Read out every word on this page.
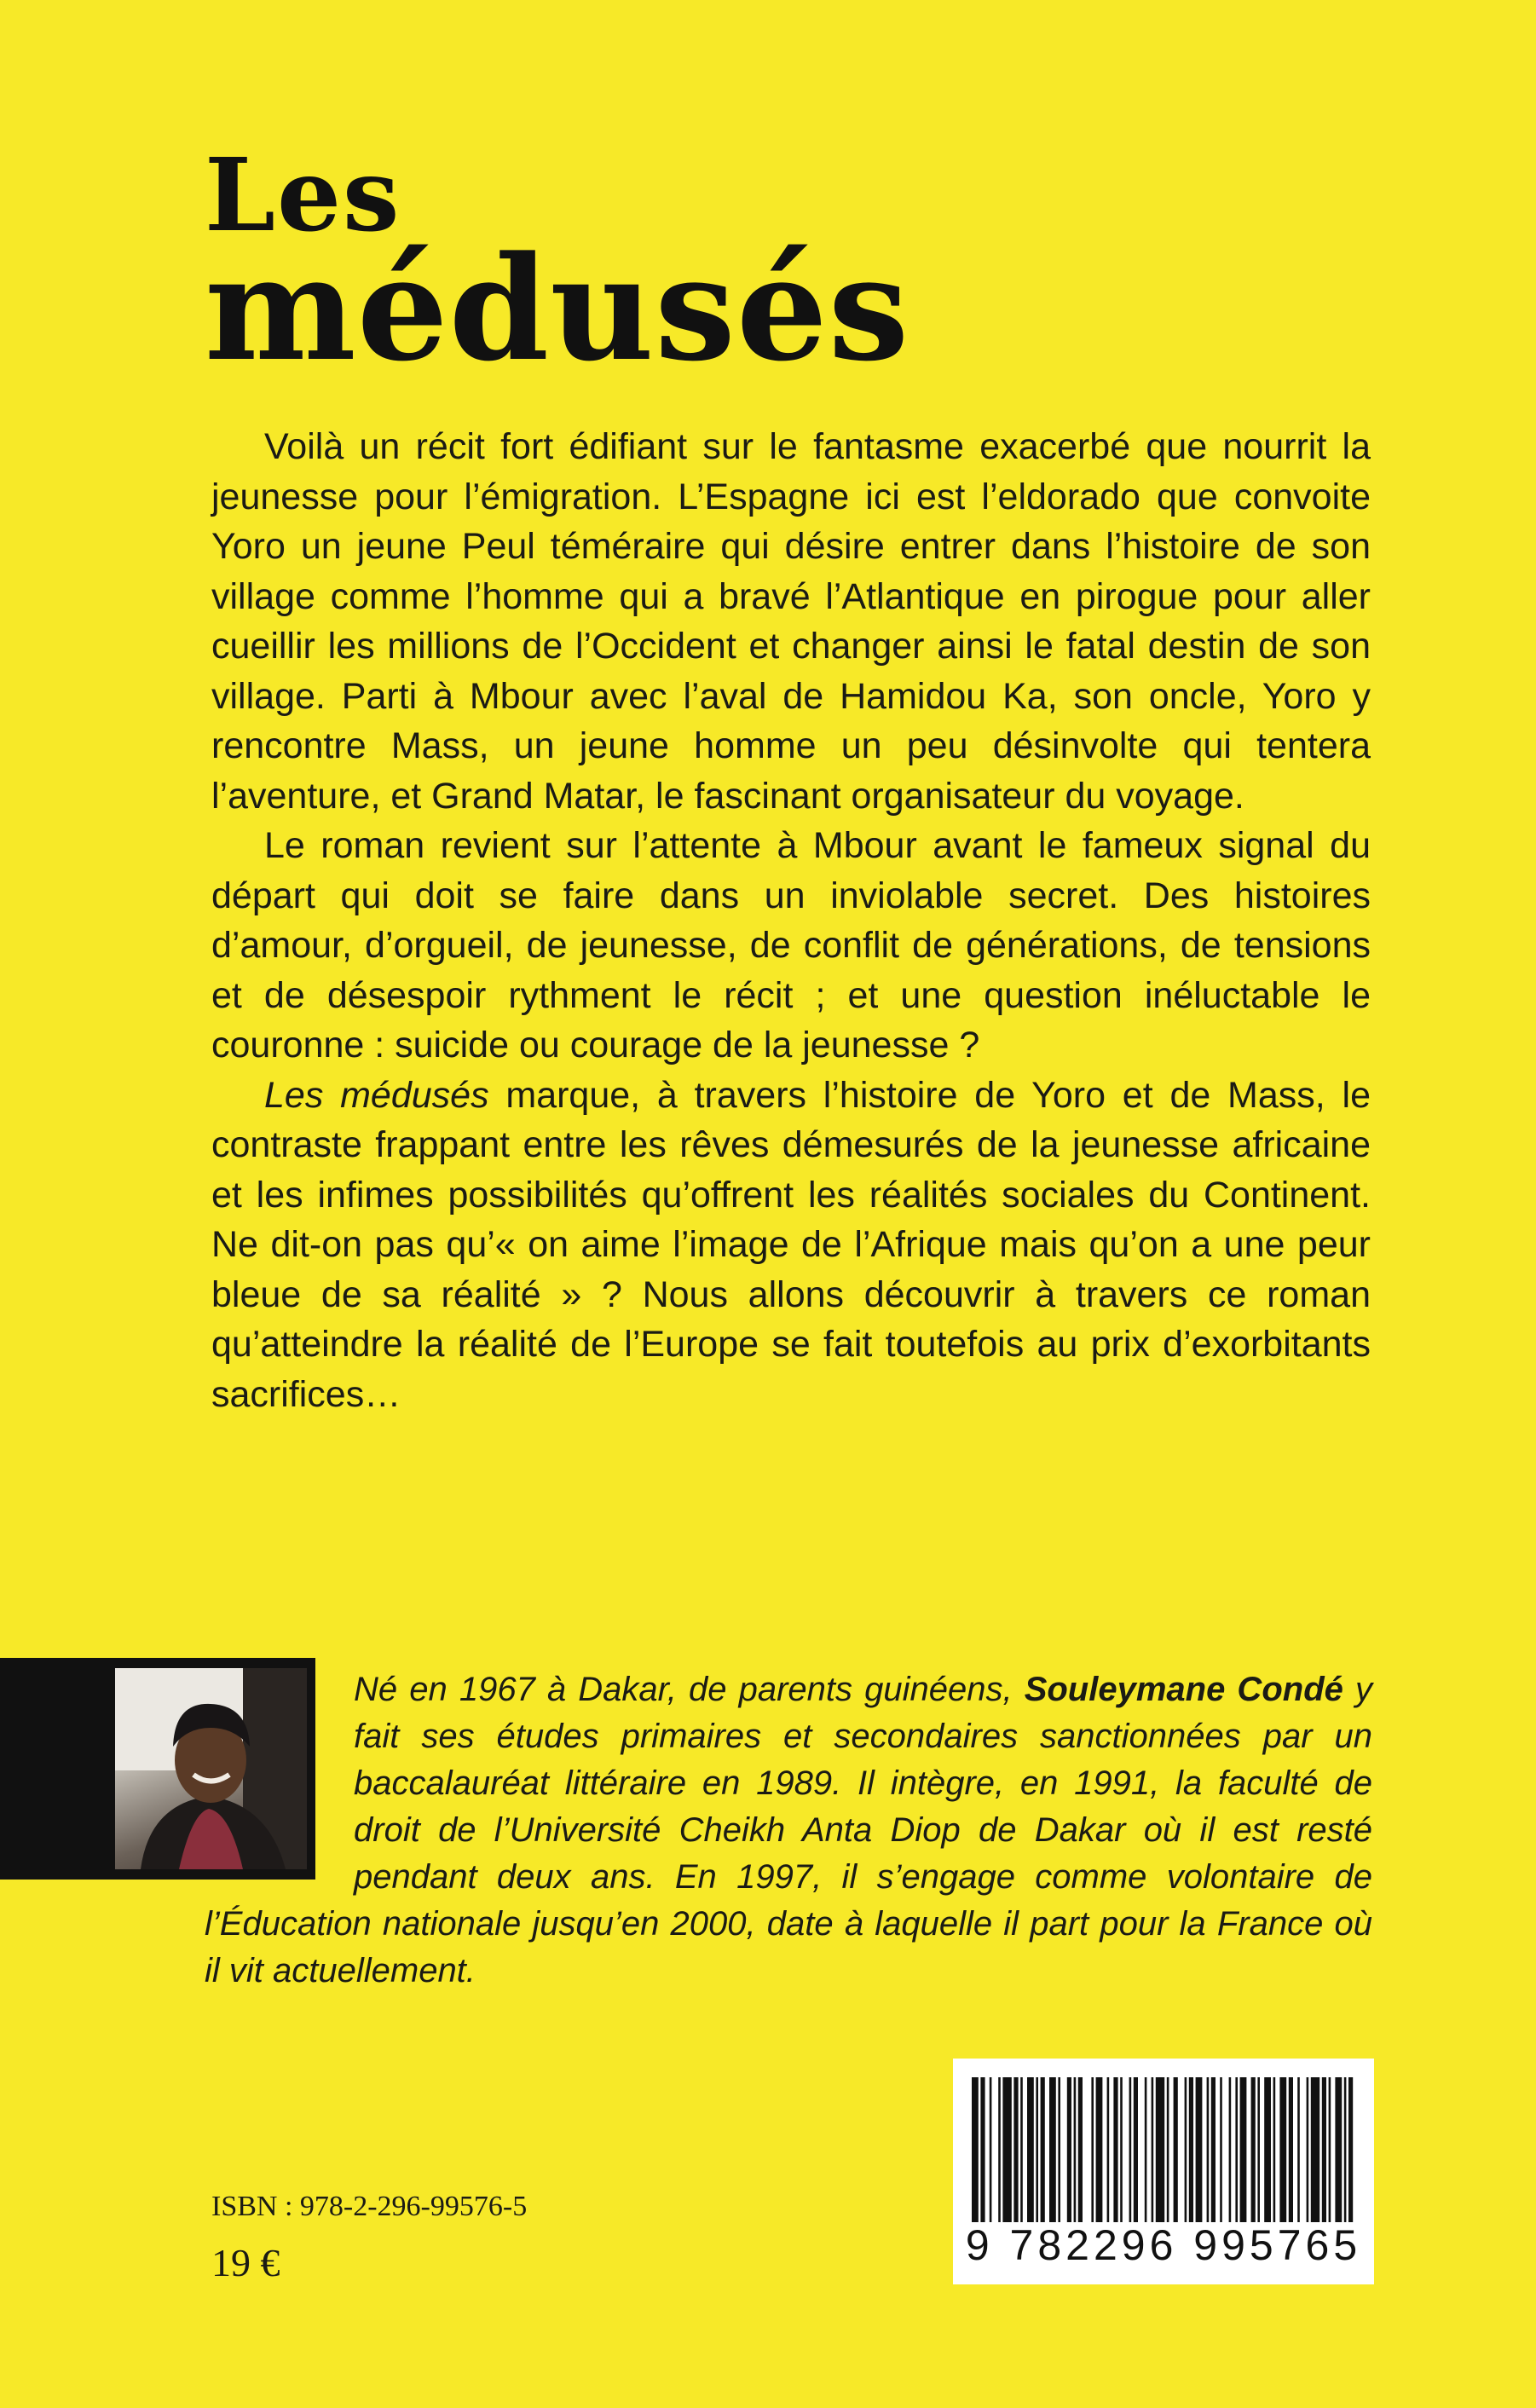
Les
médusés

Voilà un récit fort édifiant sur le fantasme exacerbé que nourrit la jeunesse pour l’émigration. L’Espagne ici est l’eldorado que convoite Yoro un jeune Peul téméraire qui désire entrer dans l’histoire de son village comme l’homme qui a bravé l’Atlantique en pirogue pour aller cueillir les millions de l’Occident et changer ainsi le fatal destin de son village. Parti à Mbour avec l’aval de Hamidou Ka, son oncle, Yoro y rencontre Mass, un jeune homme un peu désinvolte qui tentera l’aventure, et Grand Matar, le fascinant organisateur du voyage.

Le roman revient sur l’attente à Mbour avant le fameux signal du départ qui doit se faire dans un inviolable secret. Des histoires d’amour, d’orgueil, de jeunesse, de conflit de générations, de tensions et de désespoir rythment le récit ; et une question inéluctable le couronne : suicide ou courage de la jeunesse ?

Les médusés marque, à travers l’histoire de Yoro et de Mass, le contraste frappant entre les rêves démesurés de la jeunesse africaine et les infimes possibilités qu’offrent les réalités sociales du Continent. Ne dit-on pas qu’« on aime l’image de l’Afrique mais qu’on a une peur bleue de sa réalité » ? Nous allons découvrir à travers ce roman qu’atteindre la réalité de l’Europe se fait toutefois au prix d’exorbitants sacrifices…

Né en 1967 à Dakar, de parents guinéens, Souleymane Condé y fait ses études primaires et secondaires sanctionnées par un baccalauréat littéraire en 1989. Il intègre, en 1991, la faculté de droit de l’Université Cheikh Anta Diop de Dakar où il est resté pendant deux ans. En 1997, il s’engage comme volontaire de l’Éducation nationale jusqu’en 2000, date à laquelle il part pour la France où il vit actuellement.
ISBN : 978-2-296-99576-5
19 €	9 782296 995765
